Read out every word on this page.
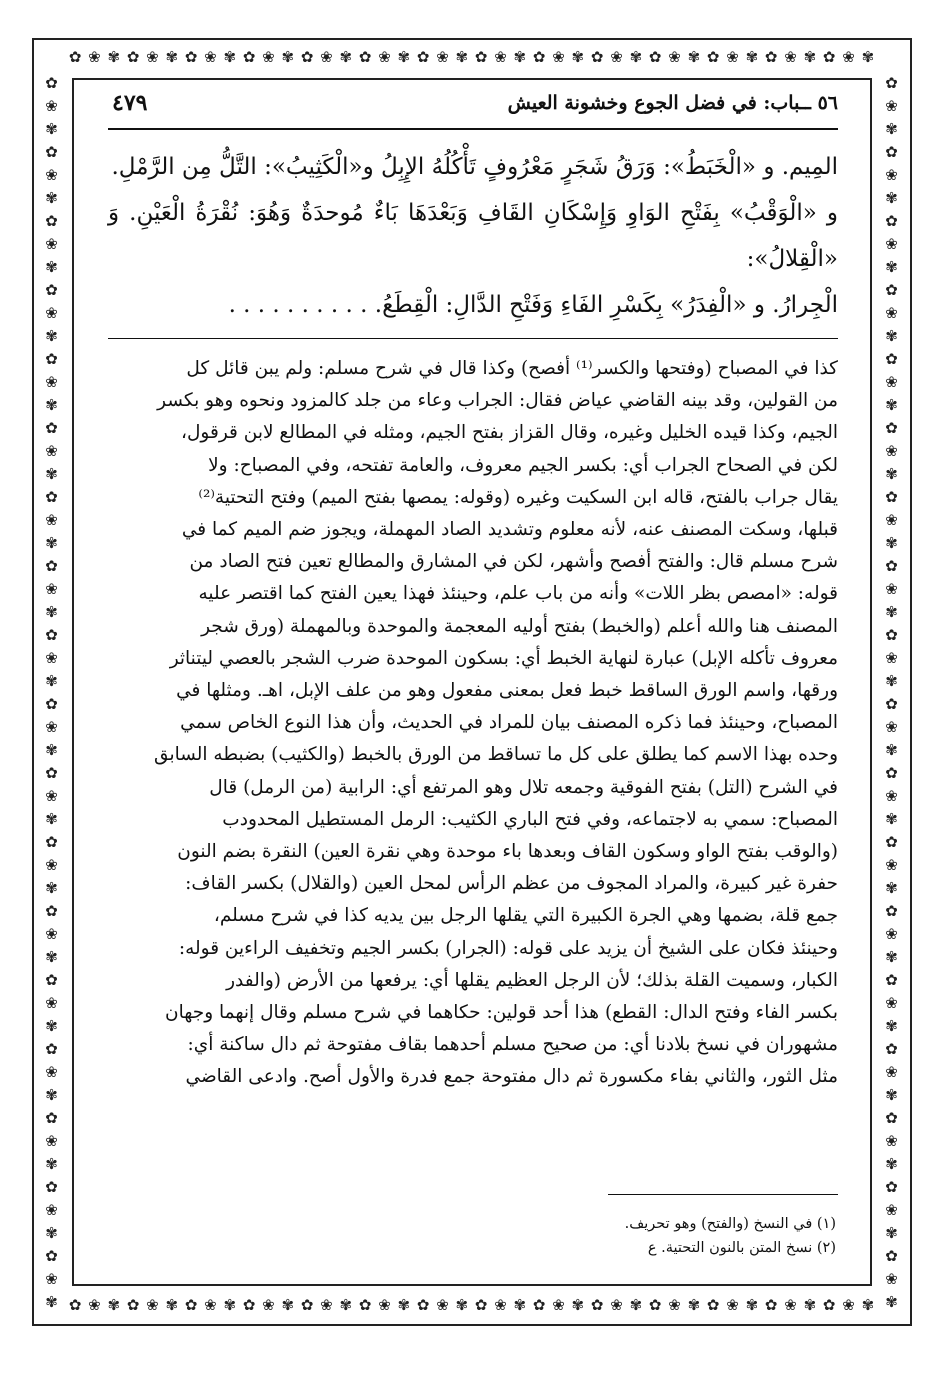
✿ ❀ ✾ ✿ ❀ ✾ ✿ ❀ ✾ ✿ ❀ ✾ ✿ ❀ ✾ ✿ ❀ ✾ ✿ ❀ ✾ ✿ ❀ ✾ ✿ ❀ ✾ ✿ ❀ ✾ ✿ ❀ ✾ ✿ ❀ ✾ ✿ ❀ ✾ ✿ ❀ ✾
✿ ❀ ✾ ✿ ❀ ✾ ✿ ❀ ✾ ✿ ❀ ✾ ✿ ❀ ✾ ✿ ❀ ✾ ✿ ❀ ✾ ✿ ❀ ✾ ✿ ❀ ✾ ✿ ❀ ✾ ✿ ❀ ✾ ✿ ❀ ✾ ✿ ❀ ✾ ✿ ❀ ✾
✿❀✾✿❀✾✿❀✾✿❀✾✿❀✾✿❀✾✿❀✾✿❀✾✿❀✾✿❀✾✿❀✾✿❀✾✿❀✾✿❀✾✿❀✾✿❀✾✿❀✾✿❀✾
✿❀✾✿❀✾✿❀✾✿❀✾✿❀✾✿❀✾✿❀✾✿❀✾✿❀✾✿❀✾✿❀✾✿❀✾✿❀✾✿❀✾✿❀✾✿❀✾✿❀✾✿❀✾
٥٦ ــباب: في فضل الجوع وخشونة العيش
٤٧٩

المِيم. و «الْخَبَطُ»: وَرَقُ شَجَرٍ مَعْرُوفٍ تَأْكُلُهُ الإِبِلُ و«الْكَثِيبُ»: التَّلُّ مِن الرَّمْلِ.

و «الْوَقْبُ» بِفَتْحِ الوَاوِ وَإِسْكَانِ القَافِ وَبَعْدَهَا بَاءٌ مُوحدَةٌ وَهُوَ: نُقْرَةُ الْعَيْنِ. وَ «الْقِلالُ»:

الْجِرارُ. و «الْفِدَرُ» بِكَسْرِ الفَاءِ وَفَتْحِ الدَّالِ: الْقِطَعُ. . . . . . . . . . .

كذا في المصباح (وفتحها والكسر⁽¹⁾ أفصح) وكذا قال في شرح مسلم: ولم يبن قائل كل

من القولين، وقد بينه القاضي عياض فقال: الجراب وعاء من جلد كالمزود ونحوه وهو بكسر

الجيم، وكذا قيده الخليل وغيره، وقال القزاز بفتح الجيم، ومثله في المطالع لابن قرقول،

لكن في الصحاح الجراب أي: بكسر الجيم معروف، والعامة تفتحه، وفي المصباح: ولا

يقال جراب بالفتح، قاله ابن السكيت وغيره (وقوله: يمصها بفتح الميم) وفتح التحتية⁽²⁾

قبلها، وسكت المصنف عنه، لأنه معلوم وتشديد الصاد المهملة، ويجوز ضم الميم كما في

شرح مسلم قال: والفتح أفصح وأشهر، لكن في المشارق والمطالع تعين فتح الصاد من

قوله: «امصص بظر اللات» وأنه من باب علم، وحينئذ فهذا يعين الفتح كما اقتصر عليه

المصنف هنا والله أعلم (والخبط) بفتح أوليه المعجمة والموحدة وبالمهملة (ورق شجر

معروف تأكله الإبل) عبارة لنهاية الخبط أي: بسكون الموحدة ضرب الشجر بالعصي ليتناثر

ورقها، واسم الورق الساقط خبط فعل بمعنى مفعول وهو من علف الإبل، اهـ. ومثلها في

المصباح، وحينئذ فما ذكره المصنف بيان للمراد في الحديث، وأن هذا النوع الخاص سمي

وحده بهذا الاسم كما يطلق على كل ما تساقط من الورق بالخبط (والكثيب) بضبطه السابق

في الشرح (التل) بفتح الفوقية وجمعه تلال وهو المرتفع أي: الرابية (من الرمل) قال

المصباح: سمي به لاجتماعه، وفي فتح الباري الكثيب: الرمل المستطيل المحدودب

(والوقب بفتح الواو وسكون القاف وبعدها باء موحدة وهي نقرة العين) النقرة بضم النون

حفرة غير كبيرة، والمراد المجوف من عظم الرأس لمحل العين (والقلال) بكسر القاف:

جمع قلة، بضمها وهي الجرة الكبيرة التي يقلها الرجل بين يديه كذا في شرح مسلم،

وحينئذ فكان على الشيخ أن يزيد على قوله: (الجرار) بكسر الجيم وتخفيف الراءين قوله:

الكبار، وسميت القلة بذلك؛ لأن الرجل العظيم يقلها أي: يرفعها من الأرض (والفدر

بكسر الفاء وفتح الدال: القطع) هذا أحد قولين: حكاهما في شرح مسلم وقال إنهما وجهان

مشهوران في نسخ بلادنا أي: من صحيح مسلم أحدهما بقاف مفتوحة ثم دال ساكنة أي:

مثل الثور، والثاني بفاء مكسورة ثم دال مفتوحة جمع فدرة والأول أصح. وادعى القاضي

(١) في النسخ (والفتح) وهو تحريف.
(٢) نسخ المتن بالنون التحتية. ع
